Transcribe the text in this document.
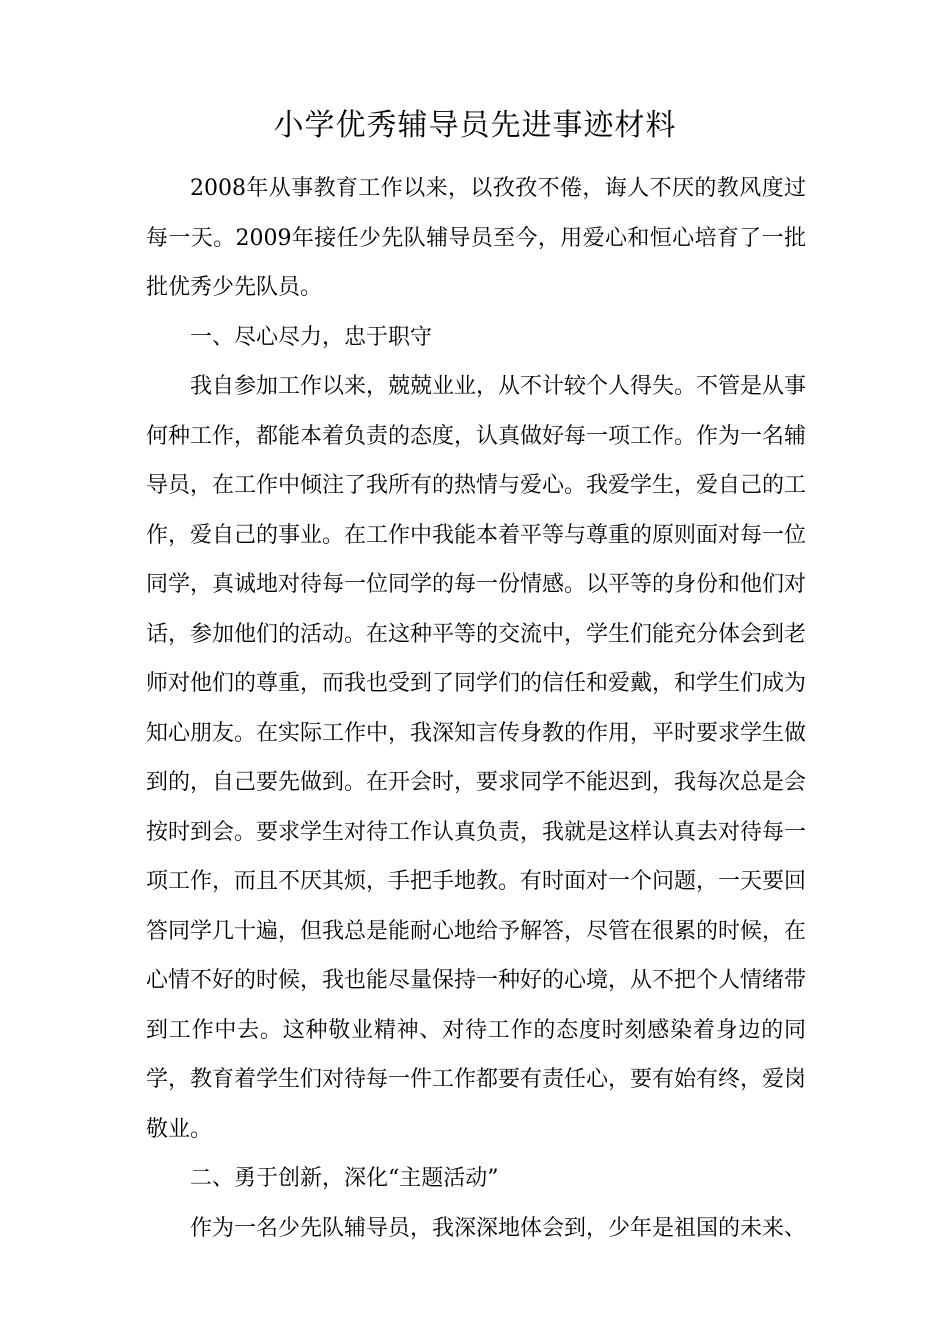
小学优秀辅导员先进事迹材料

2008年从事教育工作以来，以孜孜不倦，诲人不厌的教风度过每一天。2009年接任少先队辅导员至今，用爱心和恒心培育了一批批优秀少先队员。

一、尽心尽力，忠于职守

我自参加工作以来，兢兢业业，从不计较个人得失。不管是从事何种工作，都能本着负责的态度，认真做好每一项工作。作为一名辅导员，在工作中倾注了我所有的热情与爱心。我爱学生，爱自己的工作，爱自己的事业。在工作中我能本着平等与尊重的原则面对每一位同学，真诚地对待每一位同学的每一份情感。以平等的身份和他们对话，参加他们的活动。在这种平等的交流中，学生们能充分体会到老师对他们的尊重，而我也受到了同学们的信任和爱戴，和学生们成为知心朋友。在实际工作中，我深知言传身教的作用，平时要求学生做到的，自己要先做到。在开会时，要求同学不能迟到，我每次总是会按时到会。要求学生对待工作认真负责，我就是这样认真去对待每一项工作，而且不厌其烦，手把手地教。有时面对一个问题，一天要回答同学几十遍，但我总是能耐心地给予解答，尽管在很累的时候，在心情不好的时候，我也能尽量保持一种好的心境，从不把个人情绪带到工作中去。这种敬业精神、对待工作的态度时刻感染着身边的同学，教育着学生们对待每一件工作都要有责任心，要有始有终，爱岗敬业。

二、勇于创新，深化“主题活动”

作为一名少先队辅导员，我深深地体会到，少年是祖国的未来、
